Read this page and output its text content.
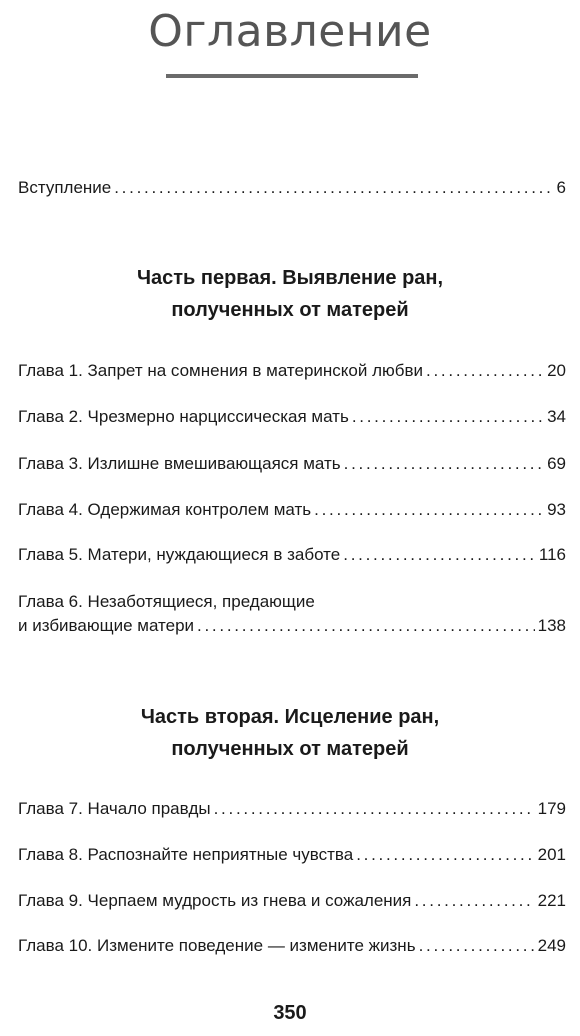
Оглавление
Вступление . . .	6
Часть первая. Выявление ран,
полученных от матерей
Глава 1. Запрет на сомнения в материнской любви . . .	20
Глава 2. Чрезмерно нарциссическая мать . . .	34
Глава 3. Излишне вмешивающаяся мать . . .	69
Глава 4. Одержимая контролем мать . . .	93
Глава 5. Матери, нуждающиеся в заботе . . .	116
Глава 6. Незаботящиеся, предающие
и избивающие матери . . .	138
Часть вторая. Исцеление ран,
полученных от матерей
Глава 7. Начало правды . . .	179
Глава 8. Распознайте неприятные чувства . . .	201
Глава 9. Черпаем мудрость из гнева и сожаления . . .	221
Глава 10. Измените поведение — измените жизнь . . .	249
350
